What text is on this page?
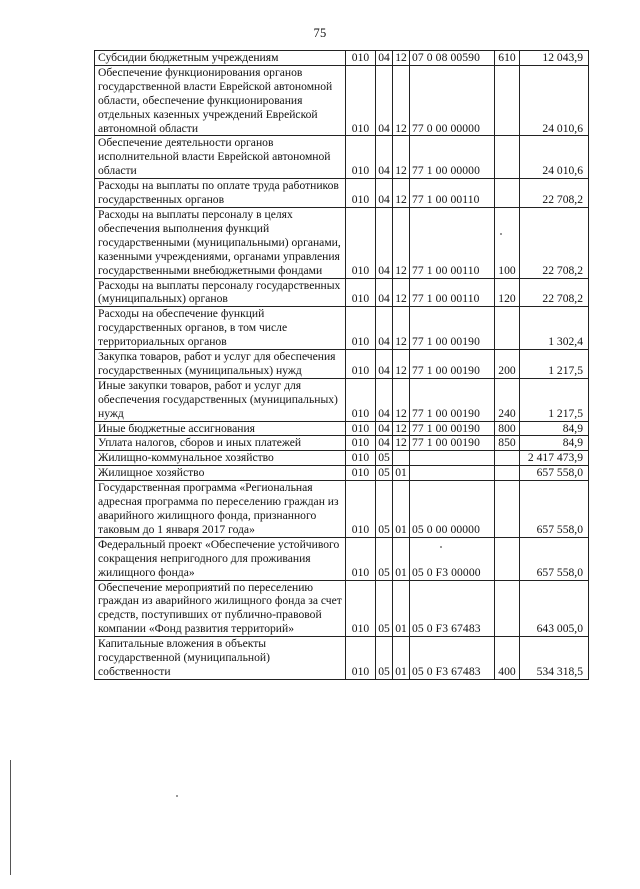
75
Субсидии бюджетным учреждениям	010	04	12	07 0 08 00590	610	12 043,9
Обеспечение функционирования органов государственной власти Еврейской автономной области, обеспечение функционирования отдельных казенных учреждений Еврейской автономной области	010	04	12	77 0 00 00000		24 010,6
Обеспечение деятельности органов исполнительной власти Еврейской автономной области	010	04	12	77 1 00 00000		24 010,6
Расходы на выплаты по оплате труда работников государственных органов	010	04	12	77 1 00 00110		22 708,2
Расходы на выплаты персоналу в целях обеспечения выполнения функций государственными (муниципальными) органами, казенными учреждениями, органами управления государственными внебюджетными фондами	010	04	12	77 1 00 00110	100	22 708,2
Расходы на выплаты персоналу государственных (муниципальных) органов	010	04	12	77 1 00 00110	120	22 708,2
Расходы на обеспечение функций государственных органов, в том числе территориальных органов	010	04	12	77 1 00 00190		1 302,4
Закупка товаров, работ и услуг для обеспечения государственных (муниципальных) нужд	010	04	12	77 1 00 00190	200	1 217,5
Иные закупки товаров, работ и услуг для обеспечения государственных (муниципальных) нужд	010	04	12	77 1 00 00190	240	1 217,5
Иные бюджетные ассигнования	010	04	12	77 1 00 00190	800	84,9
Уплата налогов, сборов и иных платежей	010	04	12	77 1 00 00190	850	84,9
Жилищно-коммунальное хозяйство	010	05				2 417 473,9
Жилищное хозяйство	010	05	01			657 558,0
Государственная программа «Региональная адресная программа по переселению граждан из аварийного жилищного фонда, признанного таковым до 1 января 2017 года»	010	05	01	05 0 00 00000		657 558,0
Федеральный проект «Обеспечение устойчивого сокращения непригодного для проживания жилищного фонда»	010	05	01	05 0 F3 00000		657 558,0
Обеспечение мероприятий по переселению граждан из аварийного жилищного фонда за счет средств, поступивших от публично-правовой компании «Фонд развития территорий»	010	05	01	05 0 F3 67483		643 005,0
Капитальные вложения в объекты государственной (муниципальной) собственности	010	05	01	05 0 F3 67483	400	534 318,5
